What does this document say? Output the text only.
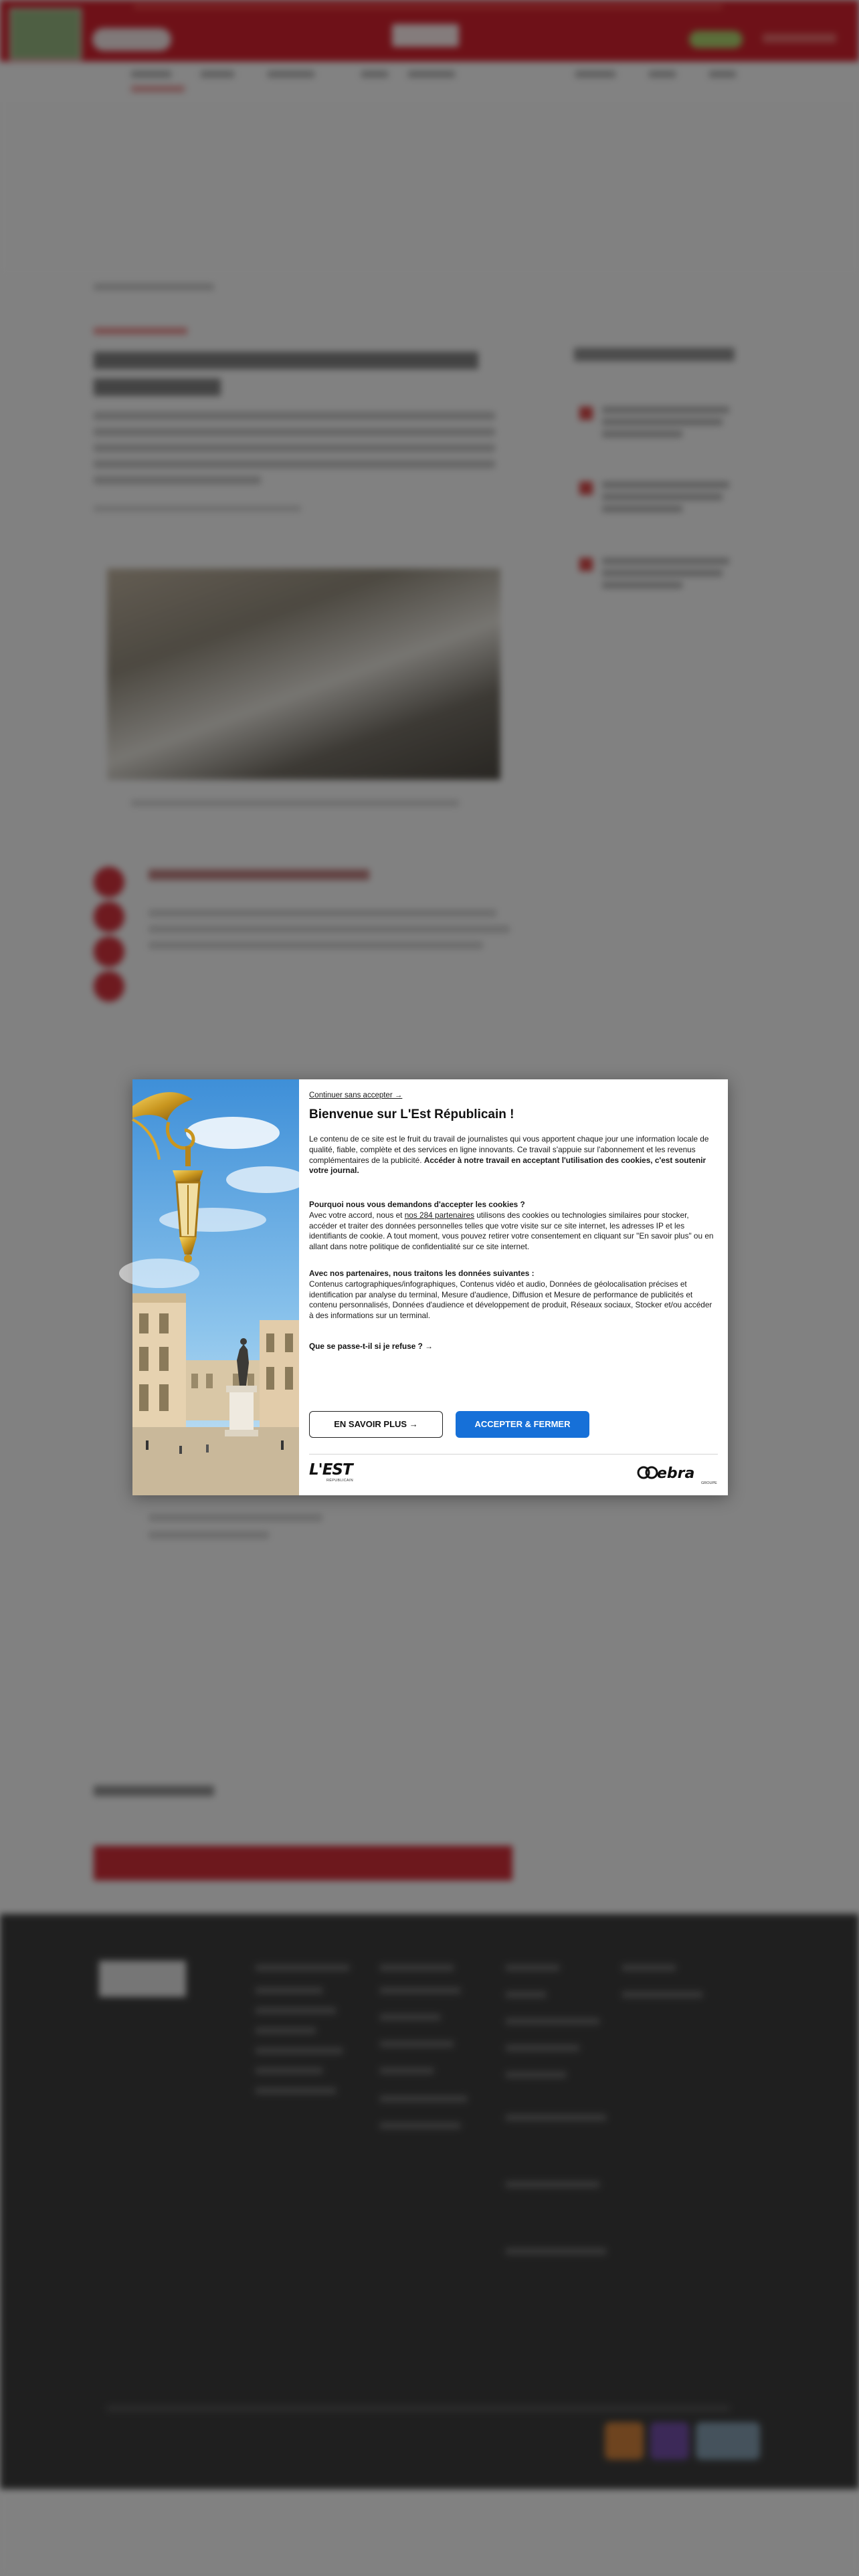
Continuer sans accepter →
Bienvenue sur L'Est Républicain !

Le contenu de ce site est le fruit du travail de journalistes qui vous apportent chaque jour une information locale de qualité, fiable, complète et des services en ligne innovants. Ce travail s'appuie sur l'abonnement et les revenus complémentaires de la publicité. Accéder à notre travail en acceptant l'utilisation des cookies, c'est soutenir votre journal.

Pourquoi nous vous demandons d'accepter les cookies ?
Avec votre accord, nous et nos 284 partenaires utilisons des cookies ou technologies similaires pour stocker, accéder et traiter des données personnelles telles que votre visite sur ce site internet, les adresses IP et les identifiants de cookie. A tout moment, vous pouvez retirer votre consentement en cliquant sur "En savoir plus" ou en allant dans notre politique de confidentialité sur ce site internet.

Avec nos partenaires, nous traitons les données suivantes :
Contenus cartographiques/infographiques, Contenus vidéo et audio, Données de géolocalisation précises et identification par analyse du terminal, Mesure d'audience, Diffusion et Mesure de performance de publicités et contenu personnalisés, Données d'audience et développement de produit, Réseaux sociaux, Stocker et/ou accéder à des informations sur un terminal.

Que se passe-t-il si je refuse ? →
EN SAVOIR PLUS →	ACCEPTER & FERMER
L'EST
RÉPUBLICAIN	ebra
GROUPE
